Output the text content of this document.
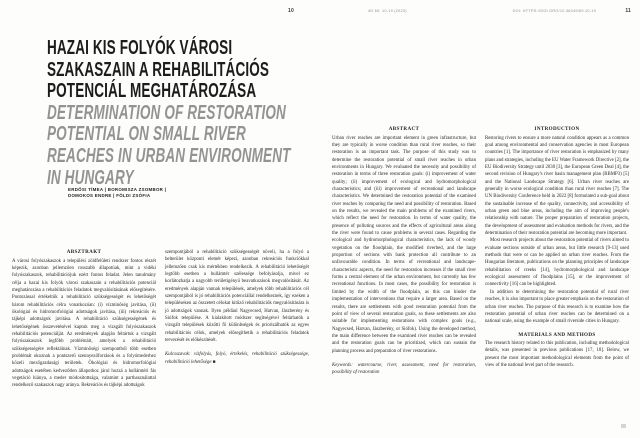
10
HAZAI KIS FOLYÓK VÁROSI
SZAKASZAIN A REHABILITÁCIÓS
POTENCIÁL MEGHATÁROZÁSA
DETERMINATION OF RESTORATION
POTENTIAL ON SMALL RIVER
REACHES IN URBAN ENVIRONMENT
IN HUNGARY
ERDŐSI TÍMEA | BOROMISZA ZSOMBOR |
DOMOKOS ENDRE | FÖLDI ZSÓFIA
ABSZTRAKT
A városi folyószakaszok a települési zöldfelületi rendszer fontos részét képezik, azonban jellemzően rosszabb állapotúak, mint a vidéki folyószakaszok, rehabilitációjuk ezért fontos feladat. Jelen tanulmány célja a hazai kis folyók városi szakaszain a rehabilitációs potenciál meghatározása a rehabilitációs feladatok megvalósításának elősegítésére. Pontozással értékeltük a rehabilitáció szükségességét és lehetőségét három rehabilitációs célra vonatkozóan: (i) vízminőség javítása, (ii) ökológiai és hidromorfológiai adottságok javítása, (iii) rekreációs és tájképi adottságok javítása. A rehabilitáció szükségességének és lehetőségének összevetésével kaptuk meg a vizsgált folyószakaszok rehabilitációs potenciálját. Az eredmények alapján feltártuk a vizsgált folyószakaszok legfőbb problémáit, amelyek a rehabilitáció szükségességére reflektálnak. Vízminőségi szempontból több esetben problémát okoznak a pontszerű szennyezőforrások és a folyómederhez közeli mezőgazdasági területek. Ökológiai és hidromorfológiai adottságok esetében kedvezőtlen állapothoz járul hozzá a hullámtéri fás vegetáció hiánya, a meder módosítottsága, valamint a parthasználattal rendelkező szakaszok nagy aránya. Rekreációs és tájképi adottságok
szempontjából a rehabilitáció szükségességét növeli, ha a folyó a belterület központi elemét képezi, azonban rekreációs funkciókkal jellemzően csak kis mértékben rendelkezik. A rehabilitáció lehetőségét legtöbb esetben a hullámtér szélessége befolyásolja, mivel ez korlátozhatja a nagyobb területigényű beavatkozások megvalósítását. Az eredmények alapján vannak települések, amelyek több rehabilitációs cél szempontjából is jó rehabilitációs potenciállal rendelkeznek, így ezeken a településeken az összetett célokat kitűző rehabilitációk megvalósítására is jó adottságok vannak. Ilyen például Nagyecsed, Hatvan, Jászberény és Siófok települése. A kialakított módszer segítségével feltárhatók a vizsgált települések közötti fő különbségek és priorizálhatók az egyes rehabilitációs célok, amelyek elősegíthetik a rehabilitációs feladatok tervezését és előkészítését.
Kulcsszavak: vízfolyás, folyó, értékelés, rehabilitáció szükségessége, rehabilitáció lehetősége ■
4D 69, 10-19 (2023)	DOI: HTTPS://DOI.ORG/10.36249/69.10-19	11
ABSTRACT
Urban river reaches are important element in green infrastructure, but they are typically in worse condition than rural river reaches, so their restoration is an important task. The purpose of this study was to determine the restoration potential of small river reaches in urban environments in Hungary. We evaluated the necessity and possibility of restoration in terms of three restoration goals: (i) improvement of water quality; (ii) improvement of ecological and hydromorphological characteristics; and (iii) improvement of recreational and landscape characteristics. We determined the restoration potential of the examined river reaches by comparing the need and possibility of restoration. Based on the results, we revealed the main problems of the examined rivers, which reflect the need for restoration. In terms of water quality, the presence of polluting sources and the effects of agricultural areas along the river were found to cause problems in several cases. Regarding the ecological and hydromorphological characteristics, the lack of woody vegetation on the floodplain, the modified riverbed, and the large proportion of sections with bank protection all contribute to an unfavourable condition. In terms of recreational and landscape-characteristic aspects, the need for restoration increases if the small river forms a central element of the urban environment, but currently has few recreational functions. In most cases, the possibility for restoration is limited by the width of the floodplain, as this can hinder the implementation of interventions that require a larger area. Based on the results, there are settlements with good restoration potential from the point of view of several restoration goals, so these settlements are also suitable for implementing restorations with complex goals (e.g., Nagyecsed, Hatvan, Jászberény, or Siófok). Using the developed method, the main difference between the examined river reaches can be revealed and the restoration goals can be prioritized, which can sustain the planning process and preparation of river restorations.
Keywords: watercourse, river, assessment, need for restoration, possibility of restoration
INTRODUCTION

Restoring rivers to ensure a more natural condition appears as a common goal among environmental and conservation agencies in most European countries [1]. The importance of river restoration is emphasized by many plans and strategies, including the EU Water Framework Directive [2], the EU Biodiversity Strategy until 2030 [3], the European Green Deal [4], the second revision of Hungary's river basin management plan (RBMP3) [5] and the National Landscape Strategy [6]. Urban river reaches are generally in worse ecological condition than rural river reaches [7]. The UN Biodiversity Conference held in 2022 [8] formulated a sub-goal about the sustainable increase of the quality, connectivity, and accessibility of urban green and blue areas, including the aim of improving people's relationship with nature. The proper preparation of restoration projects, the development of assessment and evaluation methods for rivers, and the determination of their restoration potential are becoming more important.

Most research projects about the restoration potential of rivers aimed to evaluate sections outside of urban areas, but little research [9-13] used methods that were or can be applied on urban river reaches. From the Hungarian literature, publications on the planning principles of landscape rehabilitation of creeks [14], hydromorphological and landscape ecological assessment of floodplains [15], or the improvement of connectivity [16] can be highlighted.

In addition to determining the restoration potential of rural river reaches, it is also important to place greater emphasis on the restoration of urban river reaches. The purpose of this research is to examine how the restoration potential of urban river reaches can be determined on a national scale, using the example of small riverside cities in Hungary.

MATERIALS AND METHODS
The research history related to this publication, including methodological details, was presented in previous publications [17, 18]. Below, we present the most important methodological elements from the point of view of the national level part of the research.
